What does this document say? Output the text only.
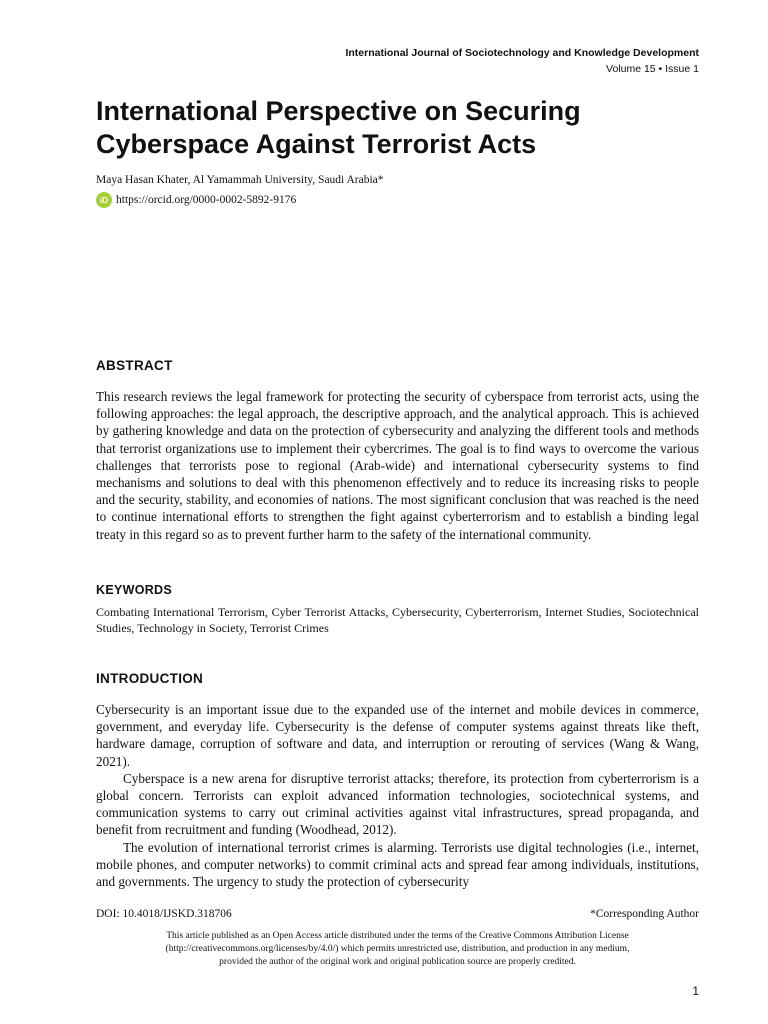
International Journal of Sociotechnology and Knowledge Development
Volume 15 • Issue 1
International Perspective on Securing Cyberspace Against Terrorist Acts
Maya Hasan Khater, Al Yamammah University, Saudi Arabia*
iD https://orcid.org/0000-0002-5892-9176
ABSTRACT

This research reviews the legal framework for protecting the security of cyberspace from terrorist acts, using the following approaches: the legal approach, the descriptive approach, and the analytical approach. This is achieved by gathering knowledge and data on the protection of cybersecurity and analyzing the different tools and methods that terrorist organizations use to implement their cybercrimes. The goal is to find ways to overcome the various challenges that terrorists pose to regional (Arab-wide) and international cybersecurity systems to find mechanisms and solutions to deal with this phenomenon effectively and to reduce its increasing risks to people and the security, stability, and economies of nations. The most significant conclusion that was reached is the need to continue international efforts to strengthen the fight against cyberterrorism and to establish a binding legal treaty in this regard so as to prevent further harm to the safety of the international community.

KEYWORDS

Combating International Terrorism, Cyber Terrorist Attacks, Cybersecurity, Cyberterrorism, Internet Studies, Sociotechnical Studies, Technology in Society, Terrorist Crimes

INTRODUCTION

Cybersecurity is an important issue due to the expanded use of the internet and mobile devices in commerce, government, and everyday life. Cybersecurity is the defense of computer systems against threats like theft, hardware damage, corruption of software and data, and interruption or rerouting of services (Wang & Wang, 2021).

Cyberspace is a new arena for disruptive terrorist attacks; therefore, its protection from cyberterrorism is a global concern. Terrorists can exploit advanced information technologies, sociotechnical systems, and communication systems to carry out criminal activities against vital infrastructures, spread propaganda, and benefit from recruitment and funding (Woodhead, 2012).

The evolution of international terrorist crimes is alarming. Terrorists use digital technologies (i.e., internet, mobile phones, and computer networks) to commit criminal acts and spread fear among individuals, institutions, and governments. The urgency to study the protection of cybersecurity

DOI: 10.4018/IJSKD.318706	*Corresponding Author
This article published as an Open Access article distributed under the terms of the Creative Commons Attribution License
(http://creativecommons.org/licenses/by/4.0/) which permits unrestricted use, distribution, and production in any medium,
provided the author of the original work and original publication source are properly credited.
1
